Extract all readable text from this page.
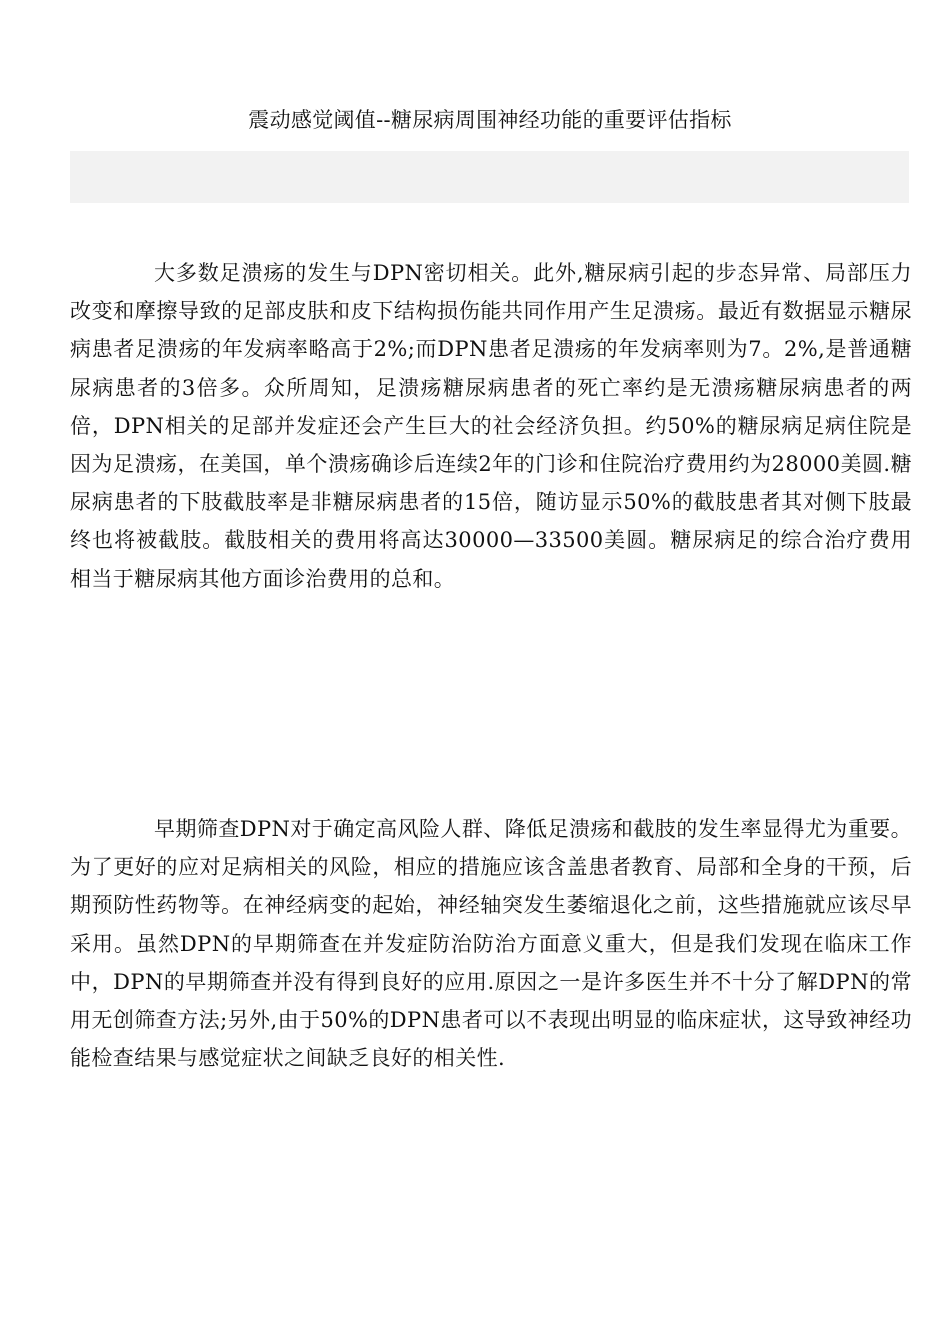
震动感觉阈值--糖尿病周围神经功能的重要评估指标

大多数足溃疡的发生与DPN密切相关。此外,糖尿病引起的步态异常、局部压力改变和摩擦导致的足部皮肤和皮下结构损伤能共同作用产生足溃疡。最近有数据显示糖尿病患者足溃疡的年发病率略高于2%;而DPN患者足溃疡的年发病率则为7。2%,是普通糖尿病患者的3倍多。众所周知，足溃疡糖尿病患者的死亡率约是无溃疡糖尿病患者的两倍，DPN相关的足部并发症还会产生巨大的社会经济负担。约50%的糖尿病足病住院是因为足溃疡，在美国，单个溃疡确诊后连续2年的门诊和住院治疗费用约为28000美圆.糖尿病患者的下肢截肢率是非糖尿病患者的15倍，随访显示50%的截肢患者其对侧下肢最终也将被截肢。截肢相关的费用将高达30000—33500美圆。糖尿病足的综合治疗费用相当于糖尿病其他方面诊治费用的总和。

早期筛查DPN对于确定高风险人群、降低足溃疡和截肢的发生率显得尤为重要。为了更好的应对足病相关的风险，相应的措施应该含盖患者教育、局部和全身的干预，后期预防性药物等。在神经病变的起始，神经轴突发生萎缩退化之前，这些措施就应该尽早采用。虽然DPN的早期筛查在并发症防治防治方面意义重大，但是我们发现在临床工作中，DPN的早期筛查并没有得到良好的应用.原因之一是许多医生并不十分了解DPN的常用无创筛查方法;另外,由于50%的DPN患者可以不表现出明显的临床症状，这导致神经功能检查结果与感觉症状之间缺乏良好的相关性.
